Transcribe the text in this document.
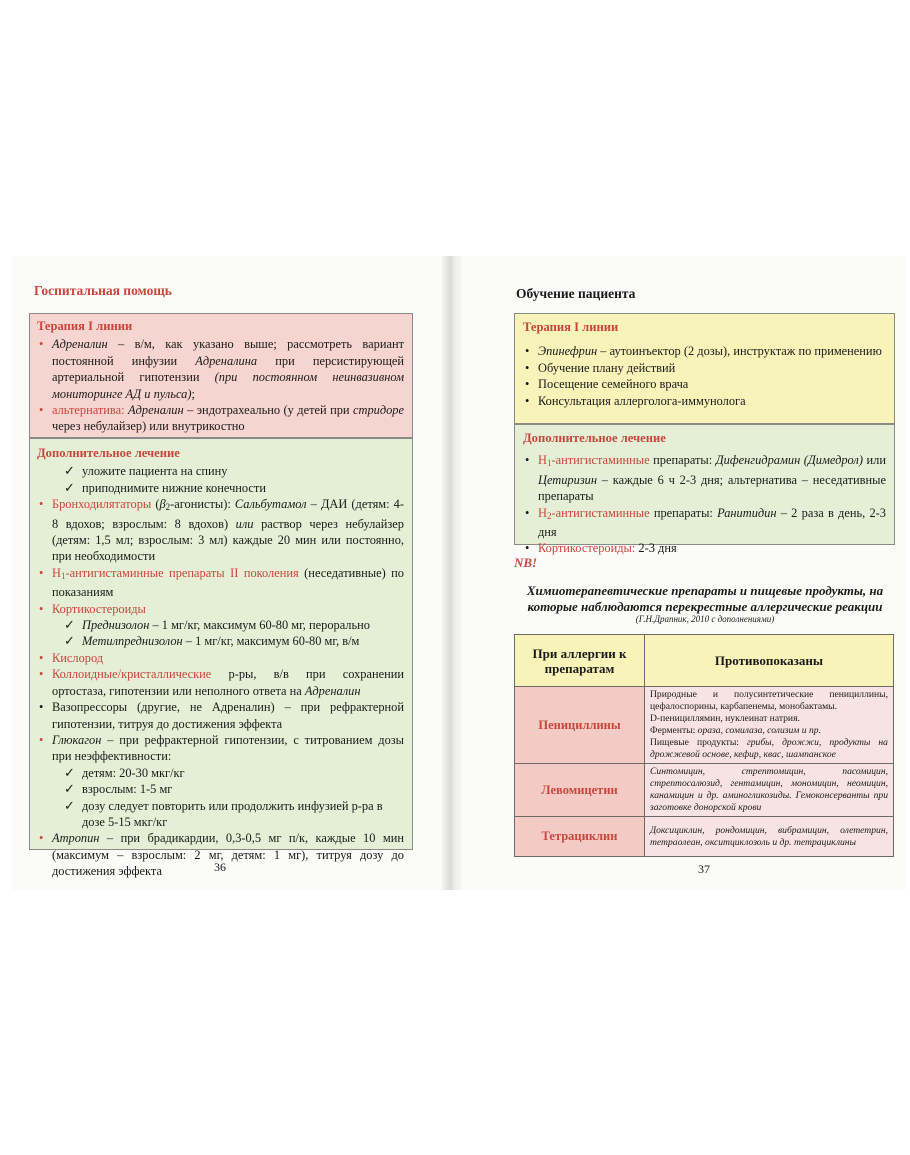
Госпитальная помощь
Терапия I линии
• Адреналин – в/м, как указано выше; рассмотреть вариант постоянной инфузии Адреналина при персистирующей артериальной гипотензии (при постоянном неинвазивном мониторинге АД и пульса);
• альтернатива: Адреналин – эндотрахеально (у детей при стридоре через небулайзер) или внутрикостно
Дополнительное лечение
✓ уложите пациента на спину
✓ приподнимите нижние конечности
• Бронходилятаторы $(\beta_2-агонисты)$: Сальбутамол – ДАИ (детям: 4-8 вдохов; взрослым: 8 вдохов) или раствор через небулайзер (детям: 1,5 мл; взрослым: 3 мл) каждые 20 мин или постоянно, при необходимости
• $Н_1$-антигистаминные препараты II поколения (неседативные) по показаниям
• Кортикостероиды
✓ Преднизолон – 1 мг/кг, максимум 60-80 мг, перорально
✓ Метилпреднизолон – 1 мг/кг, максимум 60-80 мг, в/м
• Кислород
• Коллоидные/кристаллические р-ры, в/в при сохранении ортостаза, гипотензии или неполного ответа на Адреналин
• Вазопрессоры (другие, не Адреналин) – при рефрактерной гипотензии, титруя до достижения эффекта
• Глюкагон – при рефрактерной гипотензии, с титрованием дозы при неэффективности:
✓ детям: 20-30 мкг/кг
✓ взрослым: 1-5 мг
✓ дозу следует повторить или продолжить инфузией р-ра в дозе 5-15 мкг/кг
• Атропин – при брадикардии, 0,3-0,5 мг п/к, каждые 10 мин (максимум – взрослым: 2 мг, детям: 1 мг), титруя дозу до достижения эффекта	36
Обучение пациента
Терапия I линии
• Эпинефрин – аутоинъектор (2 дозы), инструктаж по применению
• Обучение плану действий
• Посещение семейного врача
• Консультация аллерголога-иммунолога
Дополнительное лечение
• $Н_1$-антигистаминные препараты: Дифенгидрамин (Димедрол) или Цетиризин – каждые 6 ч 2-3 дня; альтернатива – неседативные препараты
• $Н_2$-антигистаминные препараты: Ранитидин – 2 раза в день, 2-3 дня
• Кортикостероиды: 2-3 дня
NB!
Химиотерапевтические препараты и пищевые продукты, на которые наблюдаются перекрестные аллергические реакции
(Г.Н.Драпник, 2010 с дополнениями)
При аллергии к препаратам	Противопоказаны
Пенициллины	Природные и полусинтетические пенициллины, цефалоспорины, карбапенемы, монобактамы.
D-пенициллямин, нуклеинат натрия.
Ферменты: оразa, сомилаза, солизим и пр.
Пищевые продукты: грибы, дрожжи, продукты на дрожжевой основе, кефир, квас, шампанское

Левомицетин	Синтомицин, стрептомицин, пасомицин, стрептосалюзид, гентамицин, мономицин, неомицин, канамицин и др. аминогликозиды. Гемоконсерванты при заготовке донорской крови
Тетрациклин	Доксициклин, рондомицин, вибрамицин, олететрин, тетраолеан, окситциклозоль и др. тетрациклины
37
